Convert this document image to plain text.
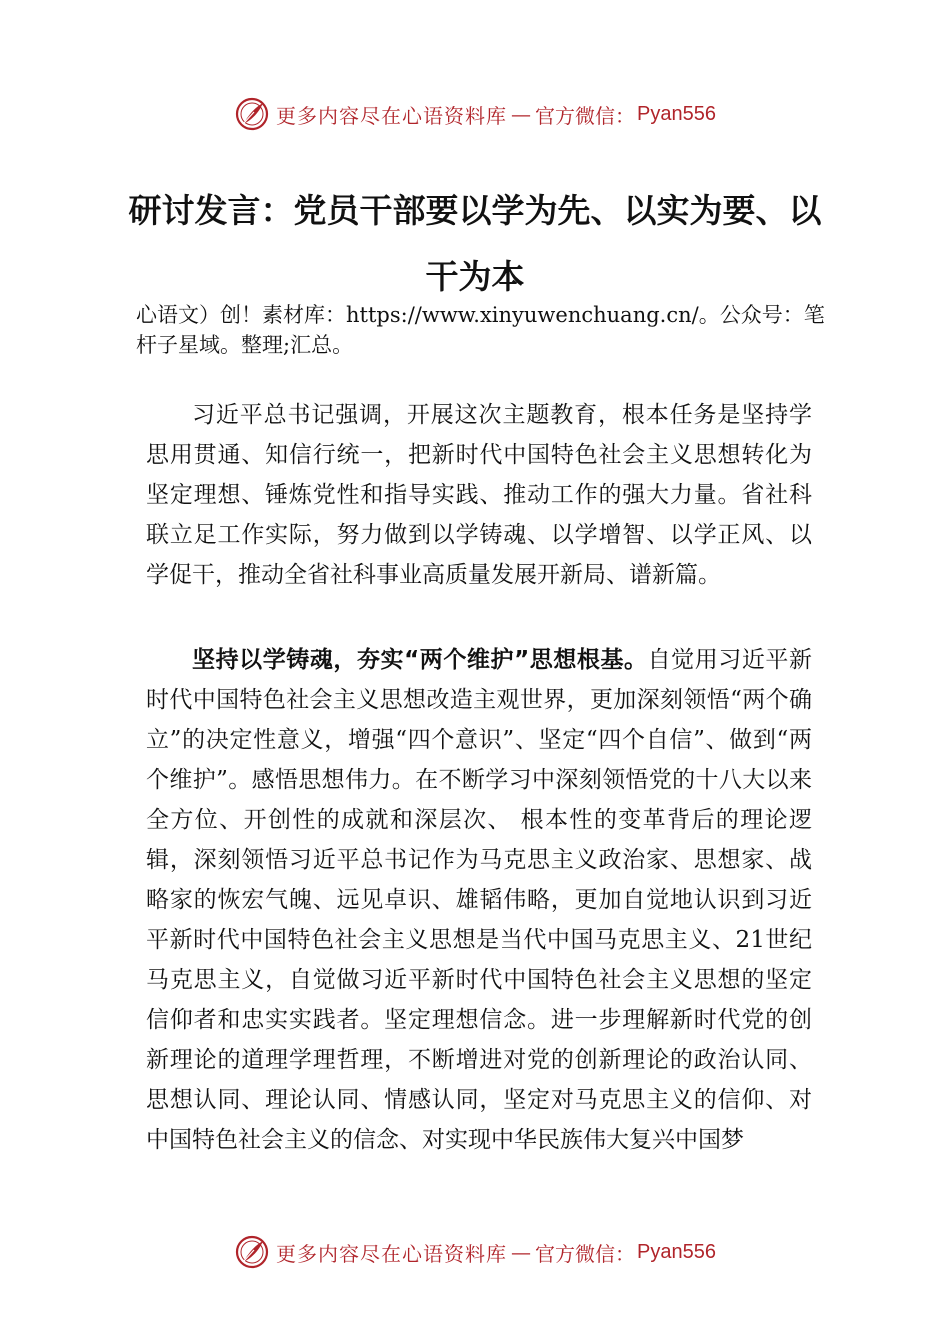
更多内容尽在心语资料库 — 官方微信： Pyan556
研讨发言：党员干部要以学为先、以实为要、以干为本

心语文）创！素材库：https://www.xinyuwenchuang.cn/。公众号：笔杆子星域。整理;汇总。

习近平总书记强调，开展这次主题教育，根本任务是坚持学思用贯通、知信行统一，把新时代中国特色社会主义思想转化为坚定理想、锤炼党性和指导实践、推动工作的强大力量。省社科联立足工作实际，努力做到以学铸魂、以学增智、以学正风、以学促干，推动全省社科事业高质量发展开新局、谱新篇。

坚持以学铸魂，夯实“两个维护”思想根基。自觉用习近平新时代中国特色社会主义思想改造主观世界，更加深刻领悟“两个确立”的决定性意义，增强“四个意识”、坚定“四个自信”、做到“两个维护”。感悟思想伟力。在不断学习中深刻领悟党的十八大以来全方位、开创性的成就和深层次、 根本性的变革背后的理论逻辑，深刻领悟习近平总书记作为马克思主义政治家、思想家、战略家的恢宏气魄、远见卓识、雄韬伟略，更加自觉地认识到习近平新时代中国特色社会主义思想是当代中国马克思主义、21世纪马克思主义，自觉做习近平新时代中国特色社会主义思想的坚定信仰者和忠实实践者。坚定理想信念。进一步理解新时代党的创新理论的道理学理哲理，不断增进对党的创新理论的政治认同、思想认同、理论认同、情感认同，坚定对马克思主义的信仰、对中国特色社会主义的信念、对实现中华民族伟大复兴中国梦

更多内容尽在心语资料库 — 官方微信： Pyan556
